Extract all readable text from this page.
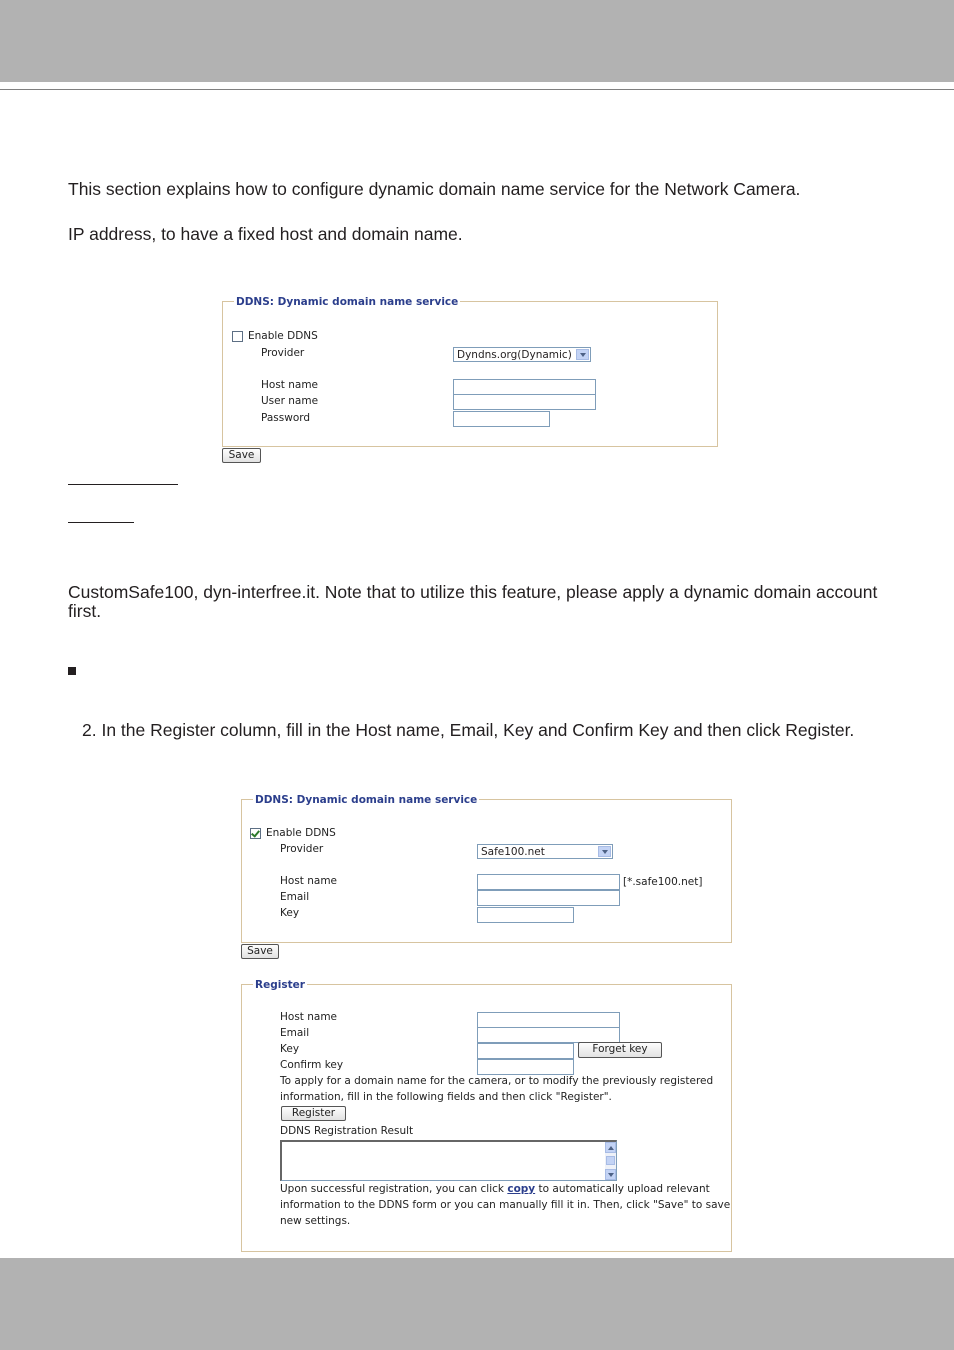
This section explains how to configure dynamic domain name service for the Network Camera.
IP address, to have a fixed host and domain name.
DDNS: Dynamic domain name service
Enable DDNS
Provider	Dyndns.org(Dynamic)
Host name
User name
Password
Save
CustomSafe100, dyn-interfree.it. Note that to utilize this feature, please apply a dynamic domain account
first.
2. In the Register column, fill in the Host name, Email, Key and Confirm Key and then click Register.
DDNS: Dynamic domain name service
Enable DDNS
Provider	Safe100.net
Host name
Email
Key
[*.safe100.net]
Save
Register
Host name
Email
Key
Confirm key
Forget key
To apply for a domain name for the camera, or to modify the previously registered
information, fill in the following fields and then click "Register".
Register
DDNS Registration Result
Upon successful registration, you can click copy to automatically upload relevant
information to the DDNS form or you can manually fill it in. Then, click "Save" to save
new settings.
